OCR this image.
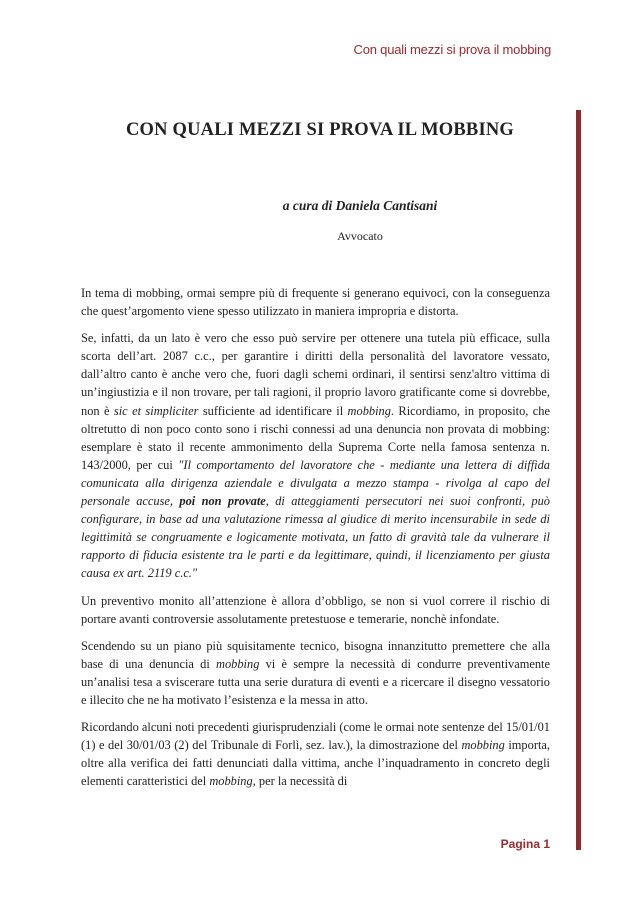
Con quali mezzi si prova il mobbing
CON QUALI MEZZI SI PROVA IL MOBBING
a cura di Daniela Cantisani
Avvocato

In tema di mobbing, ormai sempre più di frequente si generano equivoci, con la conseguenza che quest’argomento viene spesso utilizzato in maniera impropria e distorta.

Se, infatti, da un lato è vero che esso può servire per ottenere una tutela più efficace, sulla scorta dell’art. 2087 c.c., per garantire i diritti della personalità del lavoratore vessato, dall’altro canto è anche vero che, fuori dagli schemi ordinari, il sentirsi senz'altro vittima di un’ingiustizia e il non trovare, per tali ragioni, il proprio lavoro gratificante come si dovrebbe, non è sic et simpliciter sufficiente ad identificare il mobbing. Ricordiamo, in proposito, che oltretutto di non poco conto sono i rischi connessi ad una denuncia non provata di mobbing: esemplare è stato il recente ammonimento della Suprema Corte nella famosa sentenza n. 143/2000, per cui "Il comportamento del lavoratore che - mediante una lettera di diffida comunicata alla dirigenza aziendale e divulgata a mezzo stampa - rivolga al capo del personale accuse, poi non provate, di atteggiamenti persecutori nei suoi confronti, può configurare, in base ad una valutazione rimessa al giudice di merito incensurabile in sede di legittimità se congruamente e logicamente motivata, un fatto di gravità tale da vulnerare il rapporto di fiducia esistente tra le parti e da legittimare, quindi, il licenziamento per giusta causa ex art. 2119 c.c."

Un preventivo monito all’attenzione è allora d’obbligo, se non si vuol correre il rischio di portare avanti controversie assolutamente pretestuose e temerarie, nonchè infondate.

Scendendo su un piano più squisitamente tecnico, bisogna innanzitutto premettere che alla base di una denuncia di mobbing vi è sempre la necessità di condurre preventivamente un’analisi tesa a sviscerare tutta una serie duratura di eventi e a ricercare il disegno vessatorio e illecito che ne ha motivato l’esistenza e la messa in atto.

Ricordando alcuni noti precedenti giurisprudenziali (come le ormai note sentenze del 15/01/01 (1) e del 30/01/03 (2) del Tribunale di Forlì, sez. lav.), la dimostrazione del mobbing importa, oltre alla verifica dei fatti denunciati dalla vittima, anche l’inquadramento in concreto degli elementi caratteristici del mobbing, per la necessità di

Pagina 1
